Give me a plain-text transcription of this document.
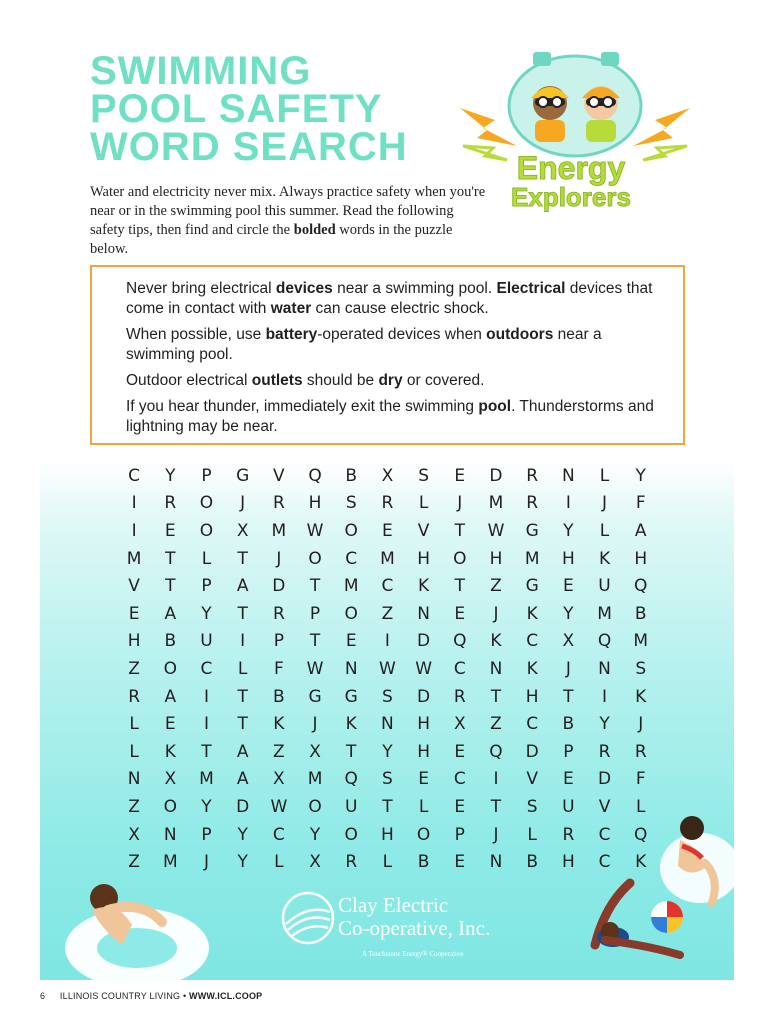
SWIMMING
POOL SAFETY
WORD SEARCH	Energy
Explorers

Water and electricity never mix. Always practice safety when you're near or in the swimming pool this summer. Read the following safety tips, then find and circle the bolded words in the puzzle below.

Never bring electrical devices near a swimming pool. Electrical devices that come in contact with water can cause electric shock.

When possible, use battery-operated devices when outdoors near a swimming pool.

Outdoor electrical outlets should be dry or covered.

If you hear thunder, immediately exit the swimming pool. Thunderstorms and lightning may be near.

C	Y	P	G	V	Q	B	X	S	E	D	R	N	L	Y
I	R	O	J	R	H	S	R	L	J	M	R	I	J	F
I	E	O	X	M	W	O	E	V	T	W	G	Y	L	A
M	T	L	T	J	O	C	M	H	O	H	M	H	K	H
V	T	P	A	D	T	M	C	K	T	Z	G	E	U	Q
E	A	Y	T	R	P	O	Z	N	E	J	K	Y	M	B
H	B	U	I	P	T	E	I	D	Q	K	C	X	Q	M
Z	O	C	L	F	W	N	W	W	C	N	K	J	N	S
R	A	I	T	B	G	G	S	D	R	T	H	T	I	K
L	E	I	T	K	J	K	N	H	X	Z	C	B	Y	J
L	K	T	A	Z	X	T	Y	H	E	Q	D	P	R	R
N	X	M	A	X	M	Q	S	E	C	I	V	E	D	F
Z	O	Y	D	W	O	U	T	L	E	T	S	U	V	L
X	N	P	Y	C	Y	O	H	O	P	J	L	R	C	Q
Z	M	J	Y	L	X	R	L	B	E	N	B	H	C	K
Clay Electric
Co-operative, Inc.
A Touchstone Energy® Cooperative
6 ILLINOIS COUNTRY LIVING • WWW.ICL.COOP
